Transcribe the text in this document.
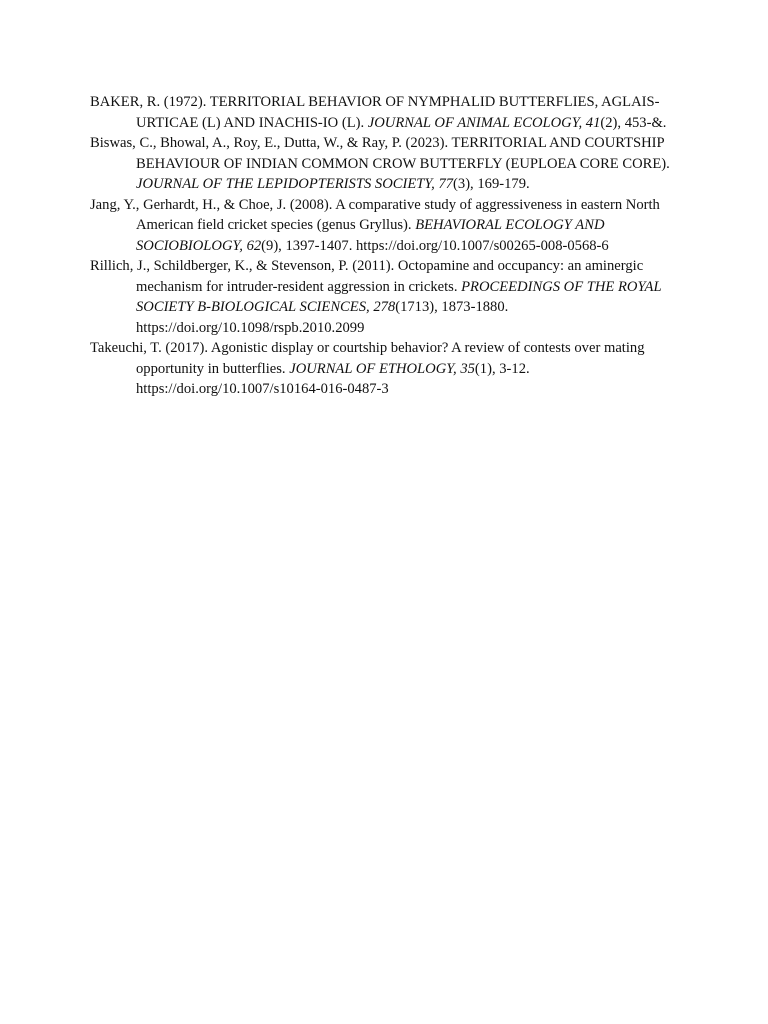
BAKER, R. (1972). TERRITORIAL BEHAVIOR OF NYMPHALID BUTTERFLIES, AGLAIS-URTICAE (L) AND INACHIS-IO (L). JOURNAL OF ANIMAL ECOLOGY, 41(2), 453-&.
Biswas, C., Bhowal, A., Roy, E., Dutta, W., & Ray, P. (2023). TERRITORIAL AND COURTSHIP BEHAVIOUR OF INDIAN COMMON CROW BUTTERFLY (EUPLOEA CORE CORE). JOURNAL OF THE LEPIDOPTERISTS SOCIETY, 77(3), 169-179.
Jang, Y., Gerhardt, H., & Choe, J. (2008). A comparative study of aggressiveness in eastern North American field cricket species (genus Gryllus). BEHAVIORAL ECOLOGY AND SOCIOBIOLOGY, 62(9), 1397-1407. https://doi.org/10.1007/s00265-008-0568-6
Rillich, J., Schildberger, K., & Stevenson, P. (2011). Octopamine and occupancy: an aminergic mechanism for intruder-resident aggression in crickets. PROCEEDINGS OF THE ROYAL SOCIETY B-BIOLOGICAL SCIENCES, 278(1713), 1873-1880. https://doi.org/10.1098/rspb.2010.2099
Takeuchi, T. (2017). Agonistic display or courtship behavior? A review of contests over mating opportunity in butterflies. JOURNAL OF ETHOLOGY, 35(1), 3-12. https://doi.org/10.1007/s10164-016-0487-3
